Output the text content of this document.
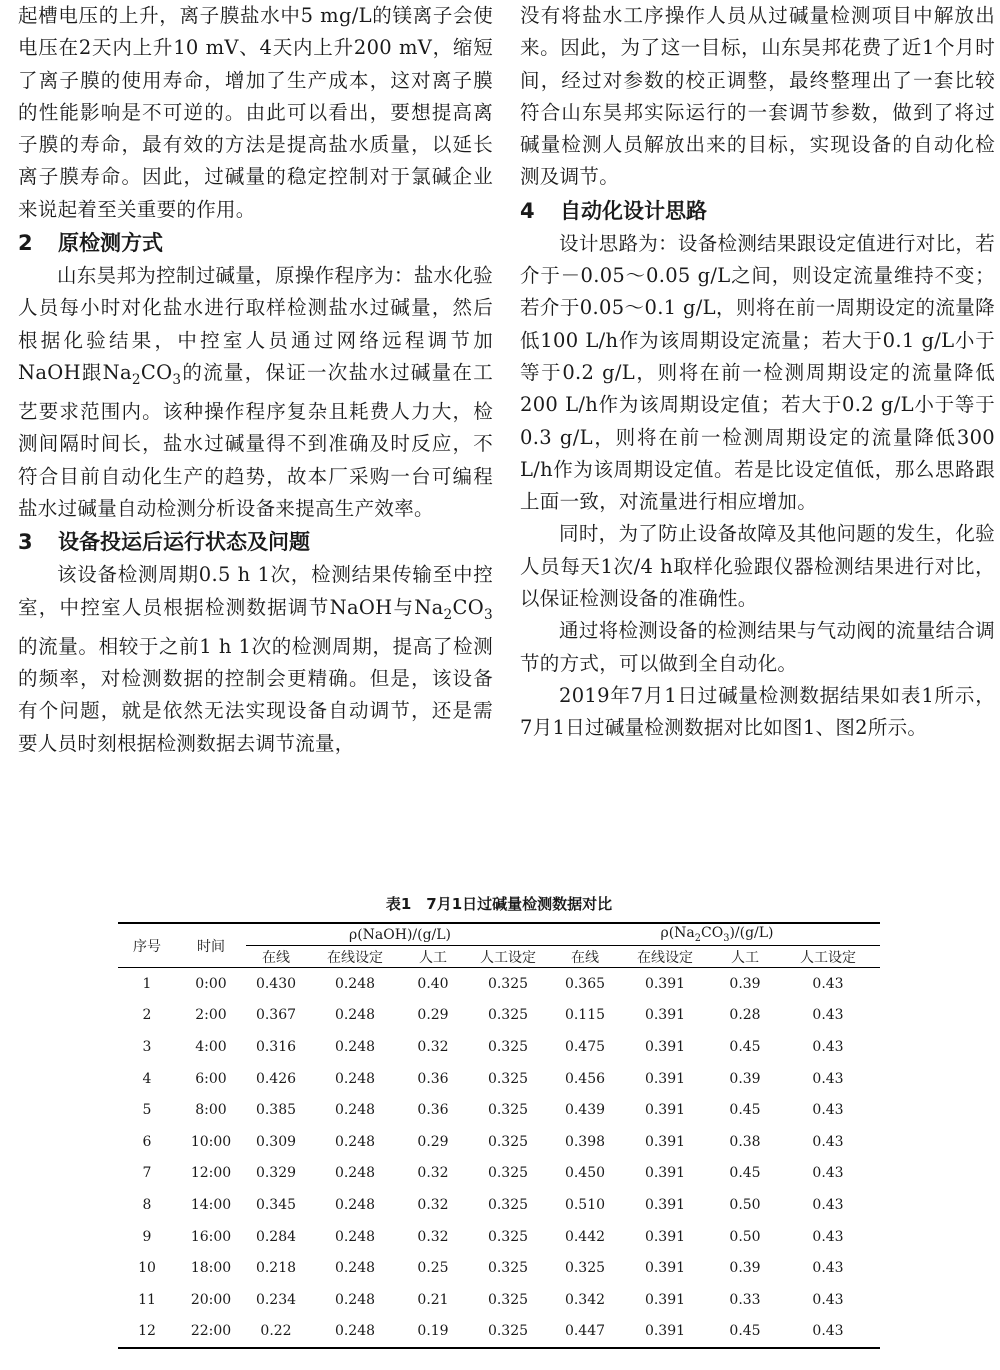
起槽电压的上升，离子膜盐水中5 mg/L的镁离子会使电压在2天内上升10 mV、4天内上升200 mV，缩短了离子膜的使用寿命，增加了生产成本，这对离子膜的性能影响是不可逆的。由此可以看出，要想提高离子膜的寿命，最有效的方法是提高盐水质量，以延长离子膜寿命。因此，过碱量的稳定控制对于氯碱企业来说起着至关重要的作用。

2 原检测方式

山东昊邦为控制过碱量，原操作程序为：盐水化验人员每小时对化盐水进行取样检测盐水过碱量，然后根据化验结果，中控室人员通过网络远程调节加NaOH跟$Na_2CO_3$的流量，保证一次盐水过碱量在工艺要求范围内。该种操作程序复杂且耗费人力大，检测间隔时间长，盐水过碱量得不到准确及时反应，不符合目前自动化生产的趋势，故本厂采购一台可编程盐水过碱量自动检测分析设备来提高生产效率。

3 设备投运后运行状态及问题

该设备检测周期0.5 h 1次，检测结果传输至中控室，中控室人员根据检测数据调节NaOH与$Na_2CO_3$的流量。相较于之前1 h 1次的检测周期，提高了检测的频率，对检测数据的控制会更精确。但是，该设备有个问题，就是依然无法实现设备自动调节，还是需要人员时刻根据检测数据去调节流量，

没有将盐水工序操作人员从过碱量检测项目中解放出来。因此，为了这一目标，山东昊邦花费了近1个月时间，经过对参数的校正调整，最终整理出了一套比较符合山东昊邦实际运行的一套调节参数，做到了将过碱量检测人员解放出来的目标，实现设备的自动化检测及调节。

4 自动化设计思路

设计思路为：设备检测结果跟设定值进行对比，若介于－0.05～0.05 g/L之间，则设定流量维持不变；若介于0.05～0.1 g/L，则将在前一周期设定的流量降低100 L/h作为该周期设定流量；若大于0.1 g/L小于等于0.2 g/L，则将在前一检测周期设定的流量降低200 L/h作为该周期设定值；若大于0.2 g/L小于等于0.3 g/L，则将在前一检测周期设定的流量降低300 L/h作为该周期设定值。若是比设定值低，那么思路跟上面一致，对流量进行相应增加。

同时，为了防止设备故障及其他问题的发生，化验人员每天1次/4 h取样化验跟仪器检测结果进行对比，以保证检测设备的准确性。

通过将检测设备的检测结果与气动阀的流量结合调节的方式，可以做到全自动化。

2019年7月1日过碱量检测数据结果如表1所示，7月1日过碱量检测数据对比如图1、图2所示。

表1　7月1日过碱量检测数据对比

序号	时间	ρ(NaOH)/(g/L)				$\rho(Na_2CO_3)/(g/L)$			
		在线	在线设定	人工	人工设定	在线	在线设定	人工	人工设定
1	0:00	0.430	0.248	0.40	0.325	0.365	0.391	0.39	0.43
2	2:00	0.367	0.248	0.29	0.325	0.115	0.391	0.28	0.43
3	4:00	0.316	0.248	0.32	0.325	0.475	0.391	0.45	0.43
4	6:00	0.426	0.248	0.36	0.325	0.456	0.391	0.39	0.43
5	8:00	0.385	0.248	0.36	0.325	0.439	0.391	0.45	0.43
6	10:00	0.309	0.248	0.29	0.325	0.398	0.391	0.38	0.43
7	12:00	0.329	0.248	0.32	0.325	0.450	0.391	0.45	0.43
8	14:00	0.345	0.248	0.32	0.325	0.510	0.391	0.50	0.43
9	16:00	0.284	0.248	0.32	0.325	0.442	0.391	0.50	0.43
10	18:00	0.218	0.248	0.25	0.325	0.325	0.391	0.39	0.43
11	20:00	0.234	0.248	0.21	0.325	0.342	0.391	0.33	0.43
12	22:00	0.22	0.248	0.19	0.325	0.447	0.391	0.45	0.43
